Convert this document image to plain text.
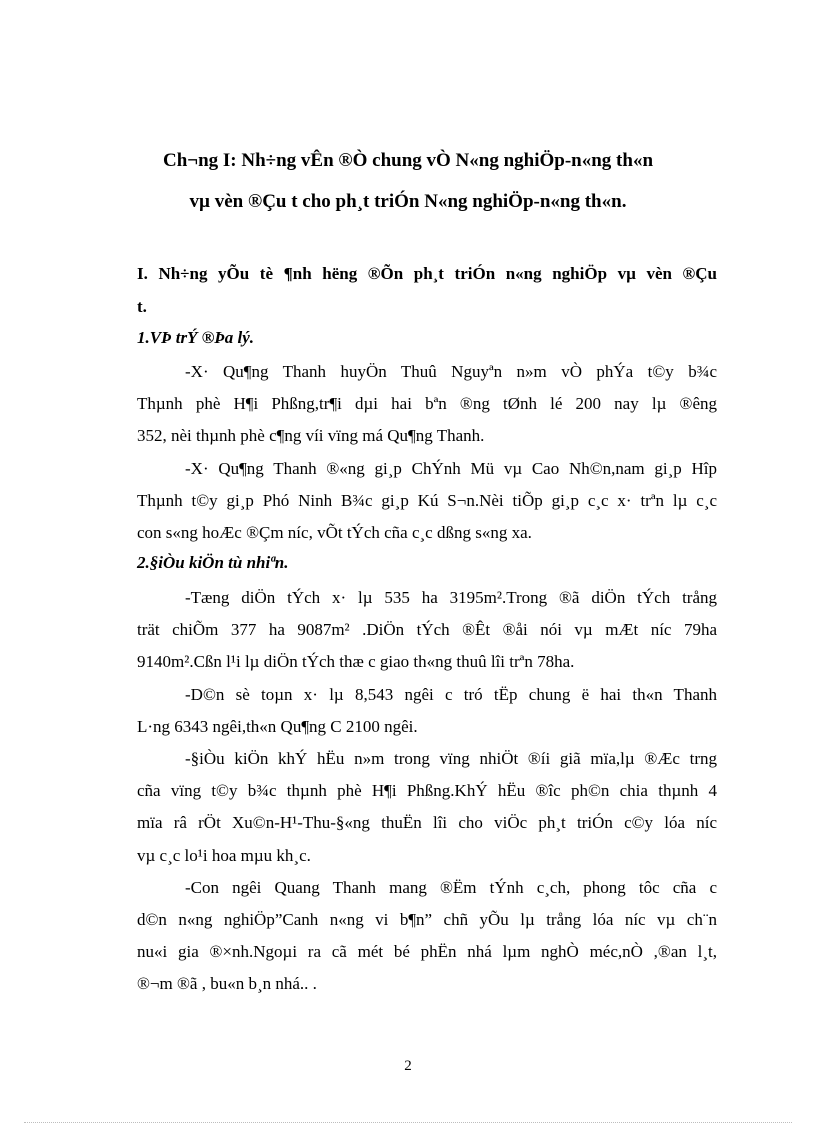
Ch¬ng I: Nh÷ng vÊn ®Ò chung vÒ N«ng nghiÖp-n«ng th«n
vµ vèn ®Çu t cho ph¸t triÓn N«ng nghiÖp-n«ng th«n.
I. Nh÷ng yÕu tè ¶nh hëng ®Õn ph¸t triÓn n«ng nghiÖp vµ vèn ®Çu
t.
1.VÞ trÝ ®Þa lý.
-X· Qu¶ng Thanh huyÖn Thuû Nguyªn n»m vÒ phÝa t©y b¾c
Thµnh phè H¶i Phßng,tr¶i dµi hai bªn ®ng tØnh lé 200 nay lµ ®êng
352, nèi thµnh phè c¶ng víi vïng má Qu¶ng Thanh.
-X· Qu¶ng Thanh ®«ng gi¸p ChÝnh Mü vµ Cao Nh©n,nam gi¸p Hîp
Thµnh t©y gi¸p Phó Ninh B¾c gi¸p Kú S¬n.Nèi tiÕp gi¸p c¸c x· trªn lµ c¸c
con s«ng hoÆc ®Çm níc, vÕt tÝch cña c¸c dßng s«ng xa.
2.§iÒu kiÖn tù nhiªn.
-Tæng diÖn tÝch x· lµ 535 ha 3195m².Trong ®ã diÖn tÝch trång
trät chiÕm 377 ha 9087m² .DiÖn tÝch ®Êt ®åi nói vµ mÆt níc 79ha
9140m².Cßn l¹i lµ diÖn tÝch thæ c giao th«ng thuû lîi trªn 78ha.
-D©n sè toµn x· lµ 8,543 ngêi c tró tËp chung ë hai th«n Thanh
L·ng 6343 ngêi,th«n Qu¶ng C 2100 ngêi.
-§iÒu kiÖn khÝ hËu n»m trong vïng nhiÖt ®íi giã mïa,lµ ®Æc trng
cña vïng t©y b¾c thµnh phè H¶i Phßng.KhÝ hËu ®îc ph©n chia thµnh 4
mïa râ rÖt Xu©n-H¹-Thu-§«ng thuËn lîi cho viÖc ph¸t triÓn c©y lóa níc
vµ c¸c lo¹i hoa mµu kh¸c.
-Con ngêi Quang Thanh mang ®Ëm tÝnh c¸ch, phong tôc cña c
d©n n«ng nghiÖp”Canh n«ng vi b¶n” chñ yÕu lµ trång lóa níc vµ ch¨n
nu«i gia ®×nh.Ngoµi ra cã mét bé phËn nhá lµm nghÒ méc,nÒ ,®an l¸t,
®¬m ®ã , bu«n b¸n nhá.. .
2
